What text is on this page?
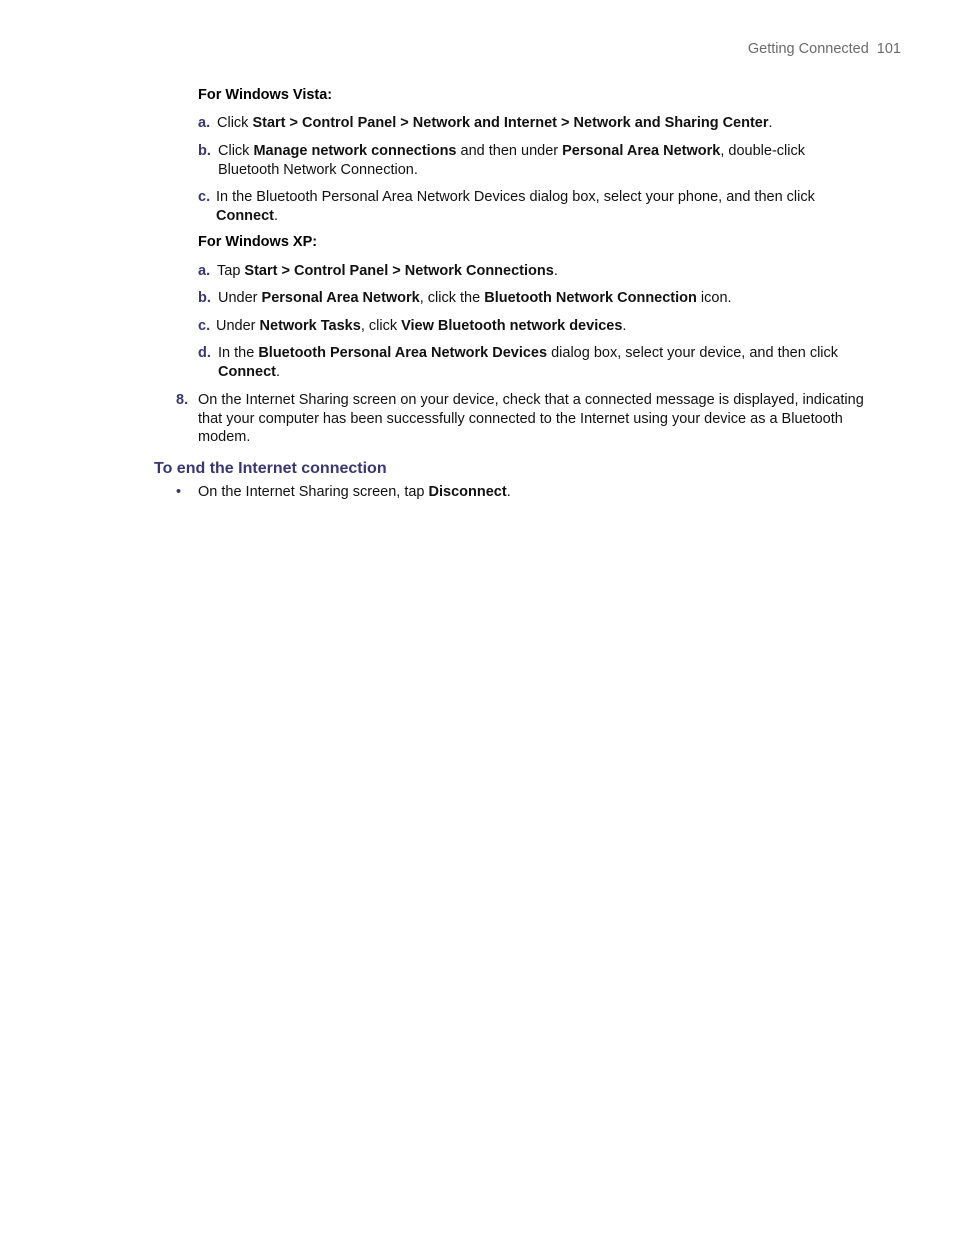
Getting Connected 101
For Windows Vista:
a. Click Start > Control Panel > Network and Internet > Network and Sharing Center.
b. Click Manage network connections and then under Personal Area Network, double-click
Bluetooth Network Connection.
c. In the Bluetooth Personal Area Network Devices dialog box, select your phone, and then click
Connect.
For Windows XP:
a. Tap Start > Control Panel > Network Connections.
b. Under Personal Area Network, click the Bluetooth Network Connection icon.
c. Under Network Tasks, click View Bluetooth network devices.
d. In the Bluetooth Personal Area Network Devices dialog box, select your device, and then click
Connect.
8. On the Internet Sharing screen on your device, check that a connected message is displayed, indicating
that your computer has been successfully connected to the Internet using your device as a Bluetooth
modem.
To end the Internet connection
•	On the Internet Sharing screen, tap Disconnect.
